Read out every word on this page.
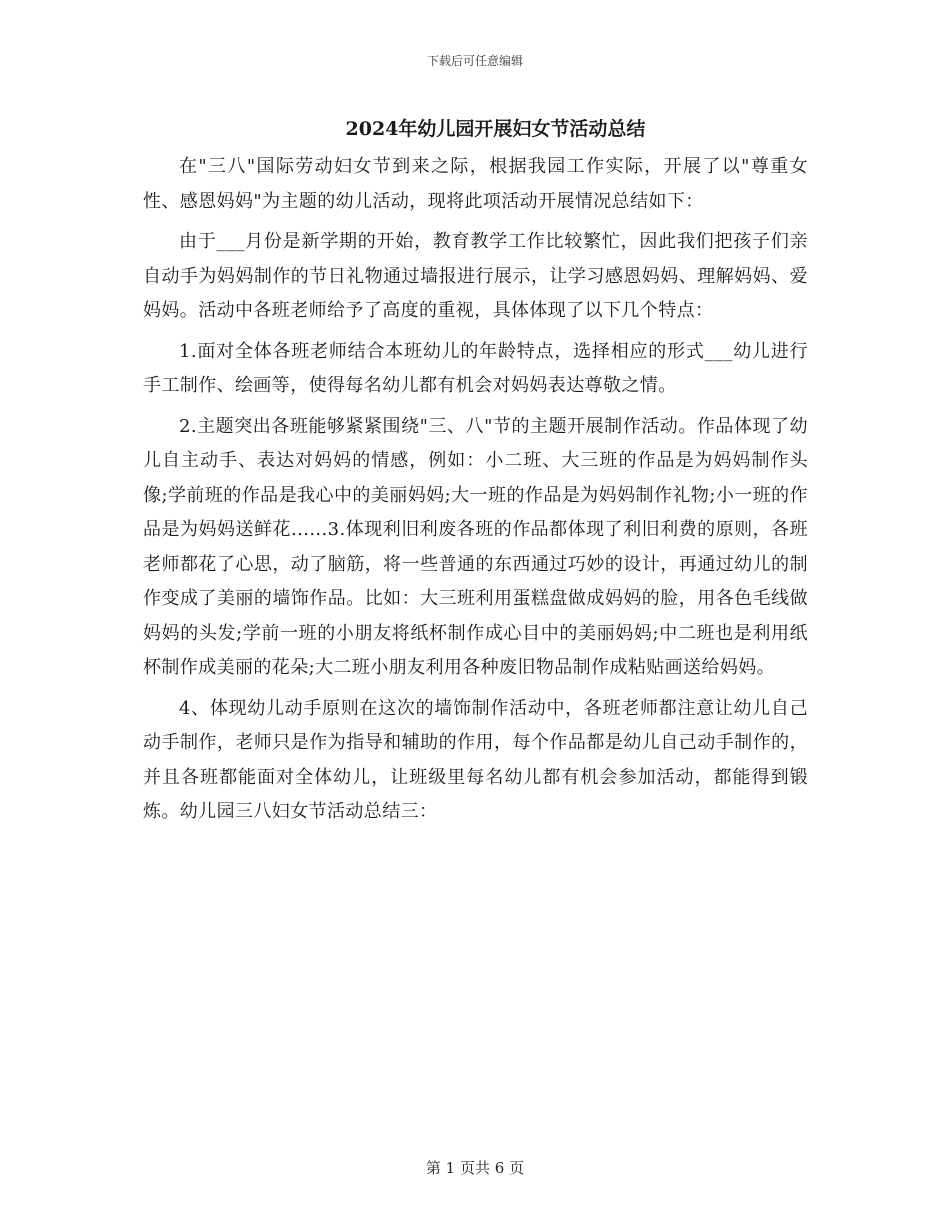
下载后可任意编辑
2024年幼儿园开展妇女节活动总结

在"三八"国际劳动妇女节到来之际，根据我园工作实际，开展了以"尊重女性、感恩妈妈"为主题的幼儿活动，现将此项活动开展情况总结如下：

由于___月份是新学期的开始，教育教学工作比较繁忙，因此我们把孩子们亲自动手为妈妈制作的节日礼物通过墙报进行展示，让学习感恩妈妈、理解妈妈、爱妈妈。活动中各班老师给予了高度的重视，具体体现了以下几个特点：

1.面对全体各班老师结合本班幼儿的年龄特点，选择相应的形式___幼儿进行手工制作、绘画等，使得每名幼儿都有机会对妈妈表达尊敬之情。

2.主题突出各班能够紧紧围绕"三、八"节的主题开展制作活动。作品体现了幼儿自主动手、表达对妈妈的情感，例如：小二班、大三班的作品是为妈妈制作头像;学前班的作品是我心中的美丽妈妈;大一班的作品是为妈妈制作礼物;小一班的作品是为妈妈送鲜花......3.体现利旧利废各班的作品都体现了利旧利费的原则，各班老师都花了心思，动了脑筋，将一些普通的东西通过巧妙的设计，再通过幼儿的制作变成了美丽的墙饰作品。比如：大三班利用蛋糕盘做成妈妈的脸，用各色毛线做妈妈的头发;学前一班的小朋友将纸杯制作成心目中的美丽妈妈;中二班也是利用纸杯制作成美丽的花朵;大二班小朋友利用各种废旧物品制作成粘贴画送给妈妈。

4、体现幼儿动手原则在这次的墙饰制作活动中，各班老师都注意让幼儿自己动手制作，老师只是作为指导和辅助的作用，每个作品都是幼儿自己动手制作的，并且各班都能面对全体幼儿，让班级里每名幼儿都有机会参加活动，都能得到锻炼。幼儿园三八妇女节活动总结三：

第 1 页共 6 页
